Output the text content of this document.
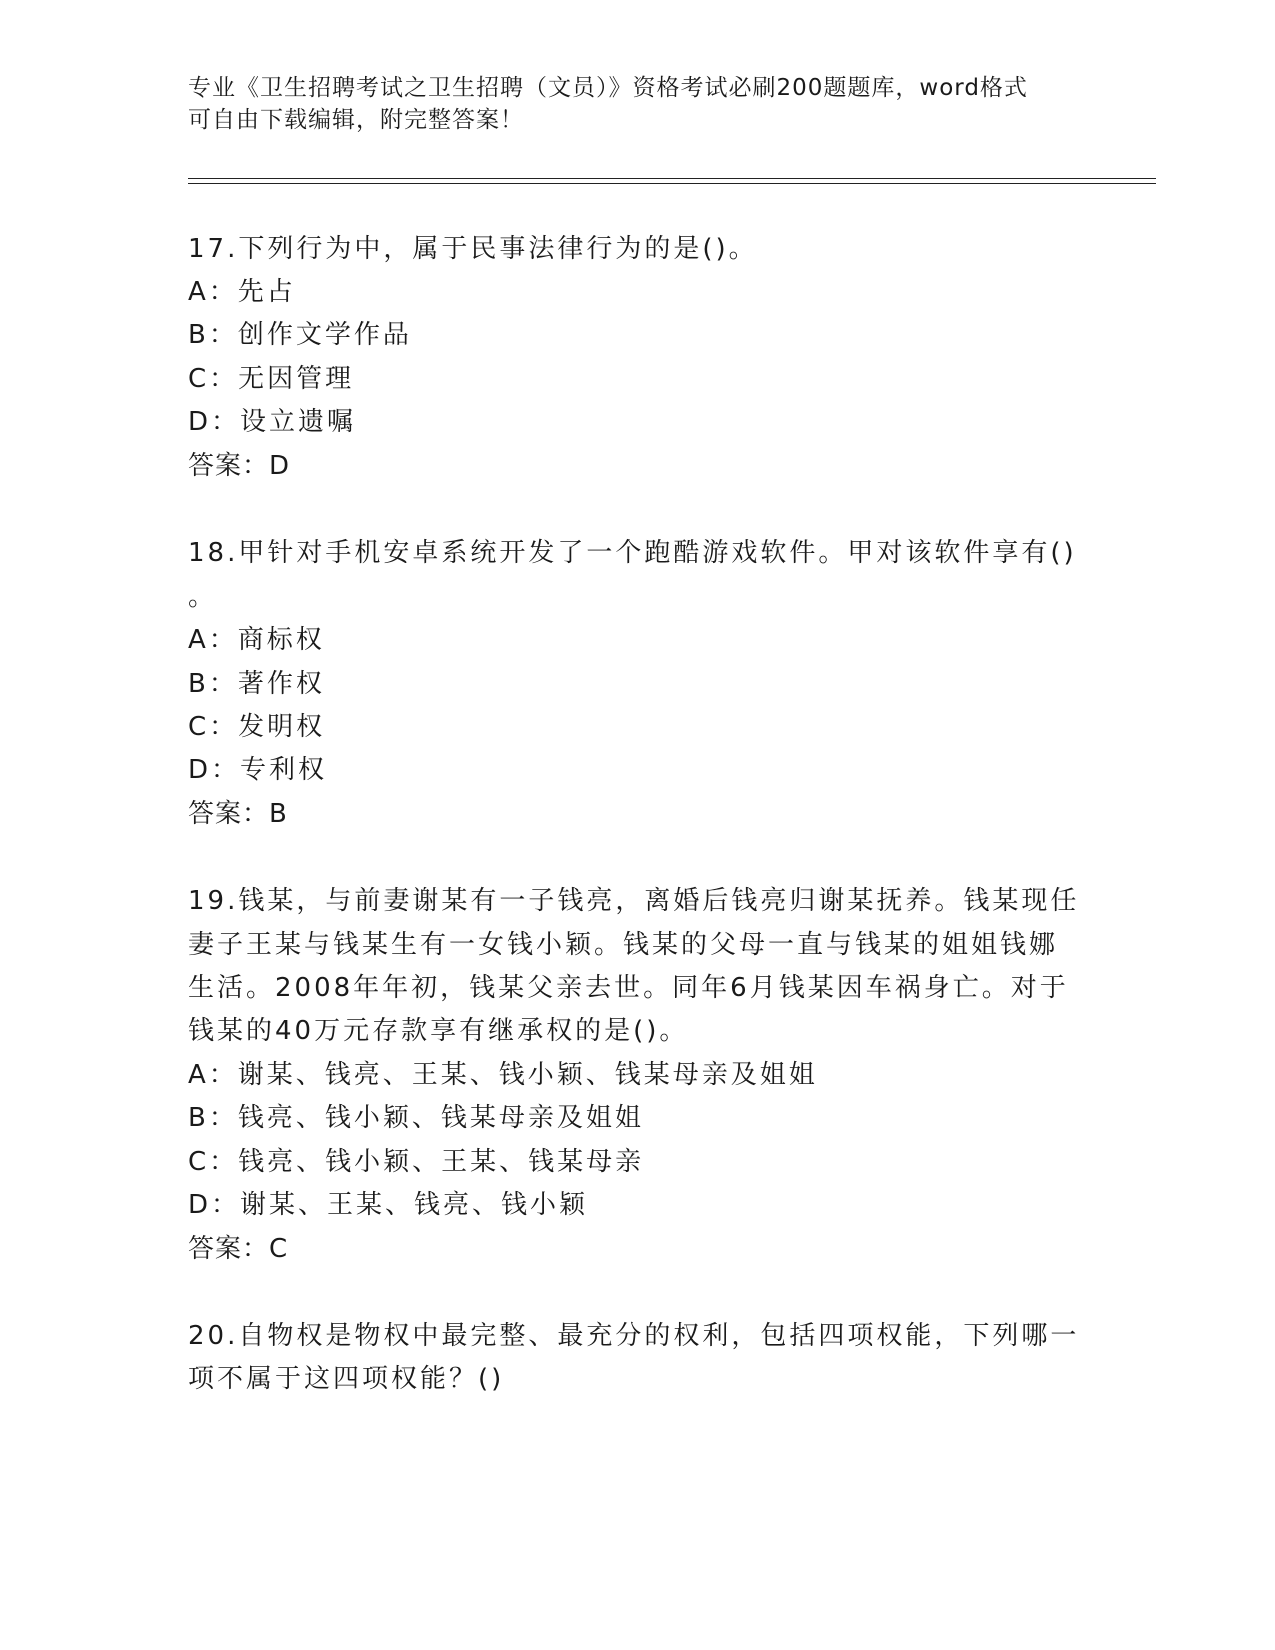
专业《卫生招聘考试之卫生招聘（文员）》资格考试必刷200题题库，word格式

可自由下载编辑，附完整答案！

17.下列行为中，属于民事法律行为的是()。

A：先占

B：创作文学作品

C：无因管理

D：设立遗嘱

答案：D

18.甲针对手机安卓系统开发了一个跑酷游戏软件。甲对该软件享有()

。

A：商标权

B：著作权

C：发明权

D：专利权

答案：B

19.钱某，与前妻谢某有一子钱亮，离婚后钱亮归谢某抚养。钱某现任

妻子王某与钱某生有一女钱小颖。钱某的父母一直与钱某的姐姐钱娜

生活。2008年年初，钱某父亲去世。同年6月钱某因车祸身亡。对于

钱某的40万元存款享有继承权的是()。

A：谢某、钱亮、王某、钱小颖、钱某母亲及姐姐

B：钱亮、钱小颖、钱某母亲及姐姐

C：钱亮、钱小颖、王某、钱某母亲

D：谢某、王某、钱亮、钱小颖

答案：C

20.自物权是物权中最完整、最充分的权利，包括四项权能，下列哪一

项不属于这四项权能？()
